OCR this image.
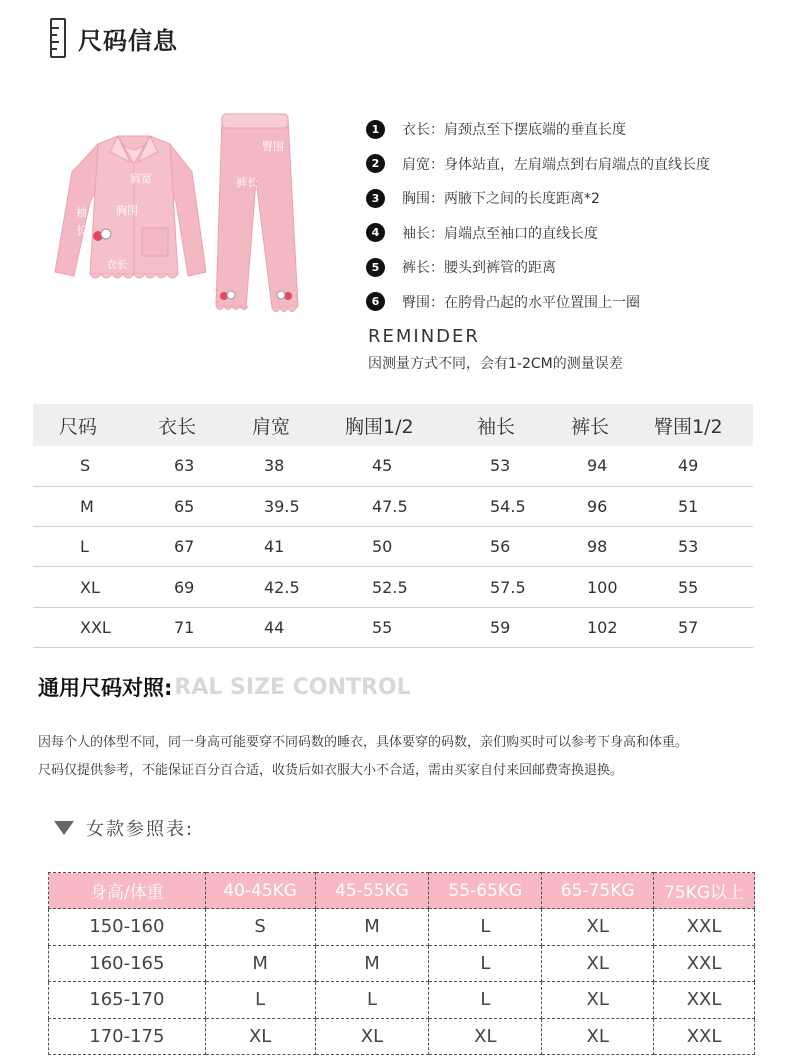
尺码信息
肩宽
胸围
袖
长
衣长
臀围
裤长
1	衣长：肩颈点至下摆底端的垂直长度
2	肩宽：身体站直，左肩端点到右肩端点的直线长度
3	胸围：两腋下之间的长度距离*2
4	袖长：肩端点至袖口的直线长度
5	裤长：腰头到裤管的距离
6	臀围：在胯骨凸起的水平位置围上一圈
REMINDER
因测量方式不同，会有1-2CM的测量误差
尺码	衣长	肩宽	胸围1/2	袖长	裤长	臀围1/2
S	63	38	45	53	94	49
M	65	39.5	47.5	54.5	96	51
L	67	41	50	56	98	53
XL	69	42.5	52.5	57.5	100	55
XXL	71	44	55	59	102	57
通用尺码对照: RAL SIZE CONTROL
因每个人的体型不同，同一身高可能要穿不同码数的睡衣，具体要穿的码数，亲们购买时可以参考下身高和体重。
尺码仅提供参考，不能保证百分百合适，收货后如衣服大小不合适，需由买家自付来回邮费寄换退换。
女款参照表:
身高/体重	40-45KG	45-55KG	55-65KG	65-75KG	75KG以上
150-160	S	M	L	XL	XXL
160-165	M	M	L	XL	XXL
165-170	L	L	L	XL	XXL
170-175	XL	XL	XL	XL	XXL
